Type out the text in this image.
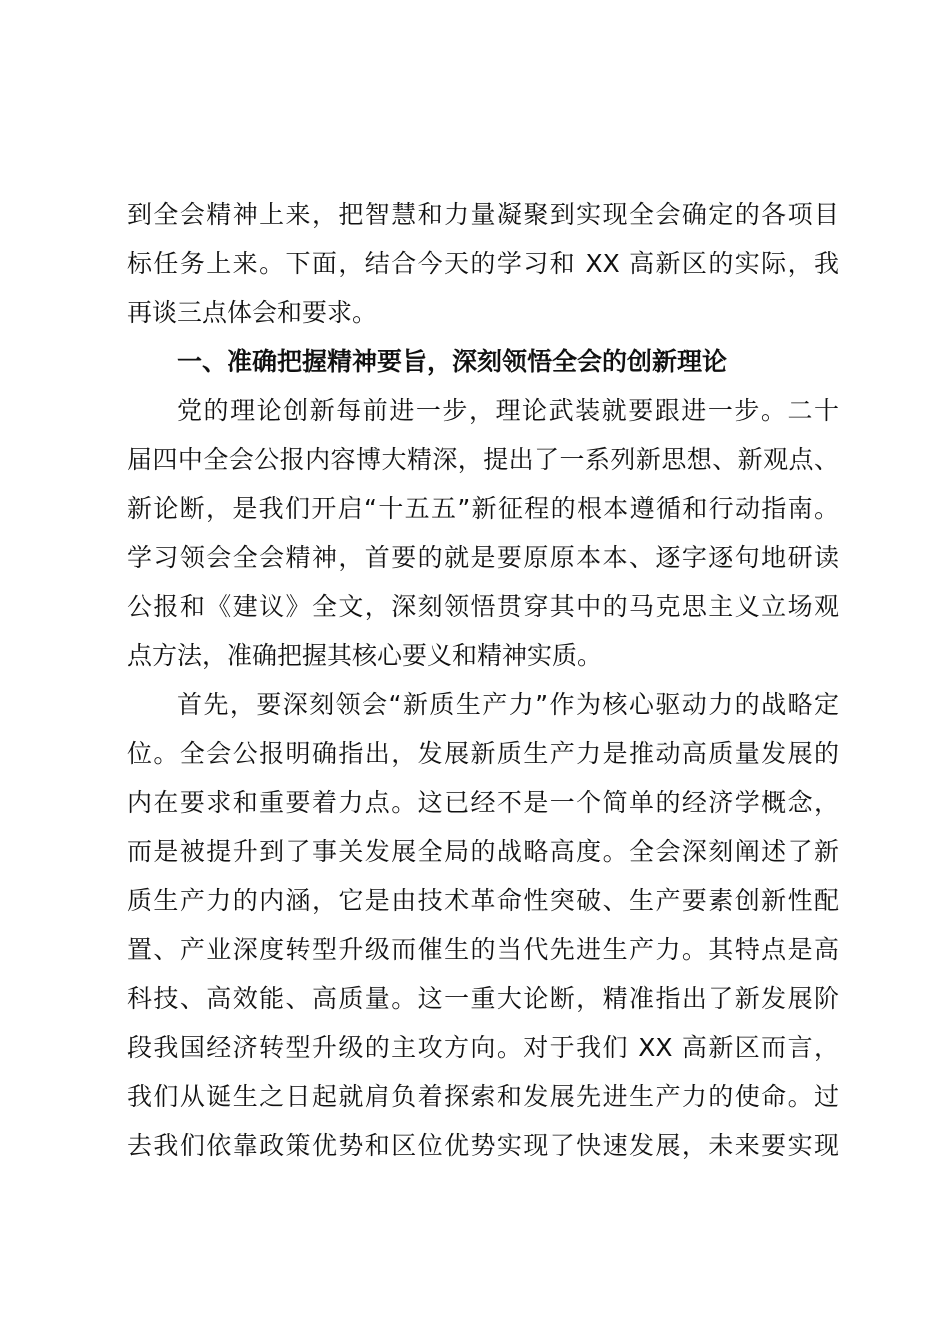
到全会精神上来，把智慧和力量凝聚到实现全会确定的各项目
标任务上来。下面，结合今天的学习和 XX 高新区的实际，我
再谈三点体会和要求。
一、准确把握精神要旨，深刻领悟全会的创新理论
党的理论创新每前进一步，理论武装就要跟进一步。二十
届四中全会公报内容博大精深，提出了一系列新思想、新观点、
新论断，是我们开启“十五五”新征程的根本遵循和行动指南。
学习领会全会精神，首要的就是要原原本本、逐字逐句地研读
公报和《建议》全文，深刻领悟贯穿其中的马克思主义立场观
点方法，准确把握其核心要义和精神实质。
首先，要深刻领会“新质生产力”作为核心驱动力的战略定
位。全会公报明确指出，发展新质生产力是推动高质量发展的
内在要求和重要着力点。这已经不是一个简单的经济学概念，
而是被提升到了事关发展全局的战略高度。全会深刻阐述了新
质生产力的内涵，它是由技术革命性突破、生产要素创新性配
置、产业深度转型升级而催生的当代先进生产力。其特点是高
科技、高效能、高质量。这一重大论断，精准指出了新发展阶
段我国经济转型升级的主攻方向。对于我们 XX 高新区而言，
我们从诞生之日起就肩负着探索和发展先进生产力的使命。过
去我们依靠政策优势和区位优势实现了快速发展，未来要实现
